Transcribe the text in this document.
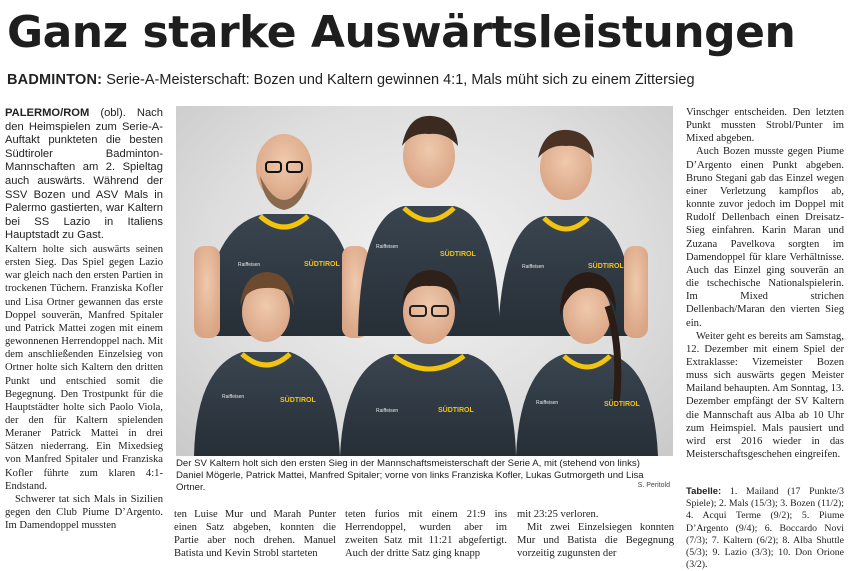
Ganz starke Auswärtsleistungen
BADMINTON: Serie-A-Meisterschaft: Bozen und Kaltern gewinnen 4:1, Mals müht sich zu einem Zittersieg

PALERMO/ROM (obl). Nach den Heimspielen zum Serie-A-Auftakt punkteten die besten Südtiroler Badminton-Mannschaften am 2. Spieltag auch auswärts. Während der SSV Bozen und ASV Mals in Palermo gastierten, war Kaltern bei SS Lazio in Italiens Hauptstadt zu Gast.

Kaltern holte sich auswärts seinen ersten Sieg. Das Spiel gegen Lazio war gleich nach den ersten Partien in trockenen Tüchern. Franziska Kofler und Lisa Ortner gewannen das erste Doppel souverän, Manfred Spitaler und Patrick Mattei zogen mit einem gewonnenen Herrendoppel nach. Mit dem anschließenden Einzelsieg von Ortner holte sich Kaltern den dritten Punkt und entschied somit die Begegnung. Den Trostpunkt für die Hauptstädter holte sich Paolo Viola, der den für Kaltern spielenden Meraner Patrick Mattei in drei Sätzen niederrang. Ein Mixedsieg von Manfred Spitaler und Franziska Kofler führte zum klaren 4:1-Endstand.

Schwerer tat sich Mals in Sizilien gegen den Club Piume D’Argento. Im Damendoppel mussten

SÜDTIROL
SÜDTIROL
SÜDTIROL
SÜDTIROL
SÜDTIROL
SÜDTIROL
Raiffeisen
Raiffeisen
Raiffeisen
Raiffeisen
Raiffeisen
Raiffeisen
Der SV Kaltern holt sich den ersten Sieg in der Mannschaftsmeisterschaft der Serie A, mit (stehend von links) Daniel Mögerle, Patrick Mattei, Manfred Spitaler; vorne von links Franziska Kofler, Lukas Gutmorgeth und Lisa Ortner.	S. Peritold

ten Luise Mur und Marah Punter einen Satz abgeben, konnten die Partie aber noch drehen. Manuel Batista und Kevin Strobl starteten

teten furios mit einem 21:9 ins Herrendoppel, wurden aber im zweiten Satz mit 11:21 abgefertigt. Auch der dritte Satz ging knapp

mit 23:25 verloren.

Mit zwei Einzelsiegen konnten Mur und Batista die Begegnung vorzeitig zugunsten der

Vinschger entscheiden. Den letzten Punkt mussten Strobl/Punter im Mixed abgeben.

Auch Bozen musste gegen Piume D’Argento einen Punkt abgeben. Bruno Stegani gab das Einzel wegen einer Verletzung kampflos ab, konnte zuvor jedoch im Doppel mit Rudolf Dellenbach einen Dreisatz-Sieg einfahren. Karin Maran und Zuzana Pavelkova sorgten im Damendoppel für klare Verhältnisse. Auch das Einzel ging souverän an die tschechische Nationalspielerin. Im Mixed strichen Dellenbach/Maran den vierten Sieg ein.

Weiter geht es bereits am Samstag, 12. Dezember mit einem Spiel der Extraklasse: Vizemeister Bozen muss sich auswärts gegen Meister Mailand behaupten. Am Sonntag, 13. Dezember empfängt der SV Kaltern die Mannschaft aus Alba ab 10 Uhr zum Heimspiel. Mals pausiert und wird erst 2016 wieder in das Meisterschaftsgeschehen eingreifen.

Tabelle: 1. Mailand (17 Punkte/3 Spiele); 2. Mals (15/3); 3. Bozen (11/2); 4. Acqui Terme (9/2); 5. Piume D’Argento (9/4); 6. Boccardo Novi (7/3); 7. Kaltern (6/2); 8. Alba Shuttle (5/3); 9. Lazio (3/3); 10. Don Orione (3/2).
